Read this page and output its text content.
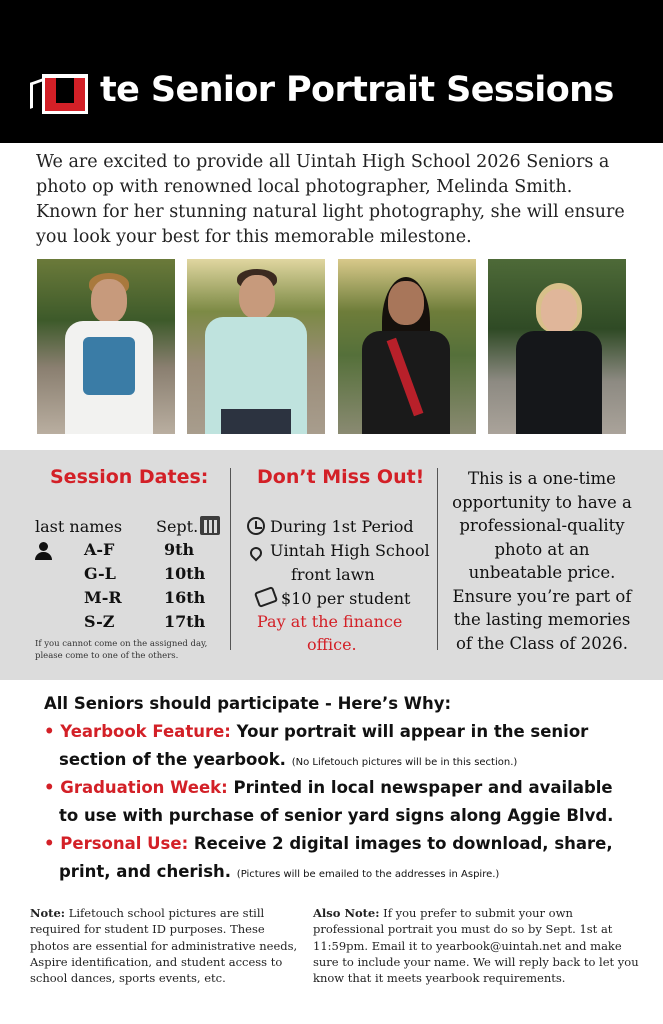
te Senior Portrait Sessions

We are excited to provide all Uintah High School 2026 Seniors a photo op with renowned local photographer, Melinda Smith. Known for her stunning natural light photography, she will ensure you look your best for this memorable milestone.

Session Dates:
last names Sept.
A-F	9th
G-L	10th
M-R	16th
S-Z	17th
If you cannot come on the assigned day, please come to one of the others.
Don’t Miss Out!
During 1st Period
Uintah High School
front lawn
$10 per student
Pay at the finance
office.
This is a one-time opportunity to have a professional-quality photo at an unbeatable price. Ensure you’re part of the lasting memories of the Class of 2026.
All Seniors should participate - Here’s Why:
• Yearbook Feature: Your portrait will appear in the senior
section of the yearbook. (No Lifetouch pictures will be in this section.)
• Graduation Week: Printed in local newspaper and available
to use with purchase of senior yard signs along Aggie Blvd.
• Personal Use: Receive 2 digital images to download, share,
print, and cherish. (Pictures will be emailed to the addresses in Aspire.)
Note: Lifetouch school pictures are still required for student ID purposes. These photos are essential for administrative needs, Aspire identification, and student access to school dances, sports events, etc.
Also Note: If you prefer to submit your own professional portrait you must do so by Sept. 1st at 11:59pm. Email it to yearbook@uintah.net and make sure to include your name. We will reply back to let you know that it meets yearbook requirements.
